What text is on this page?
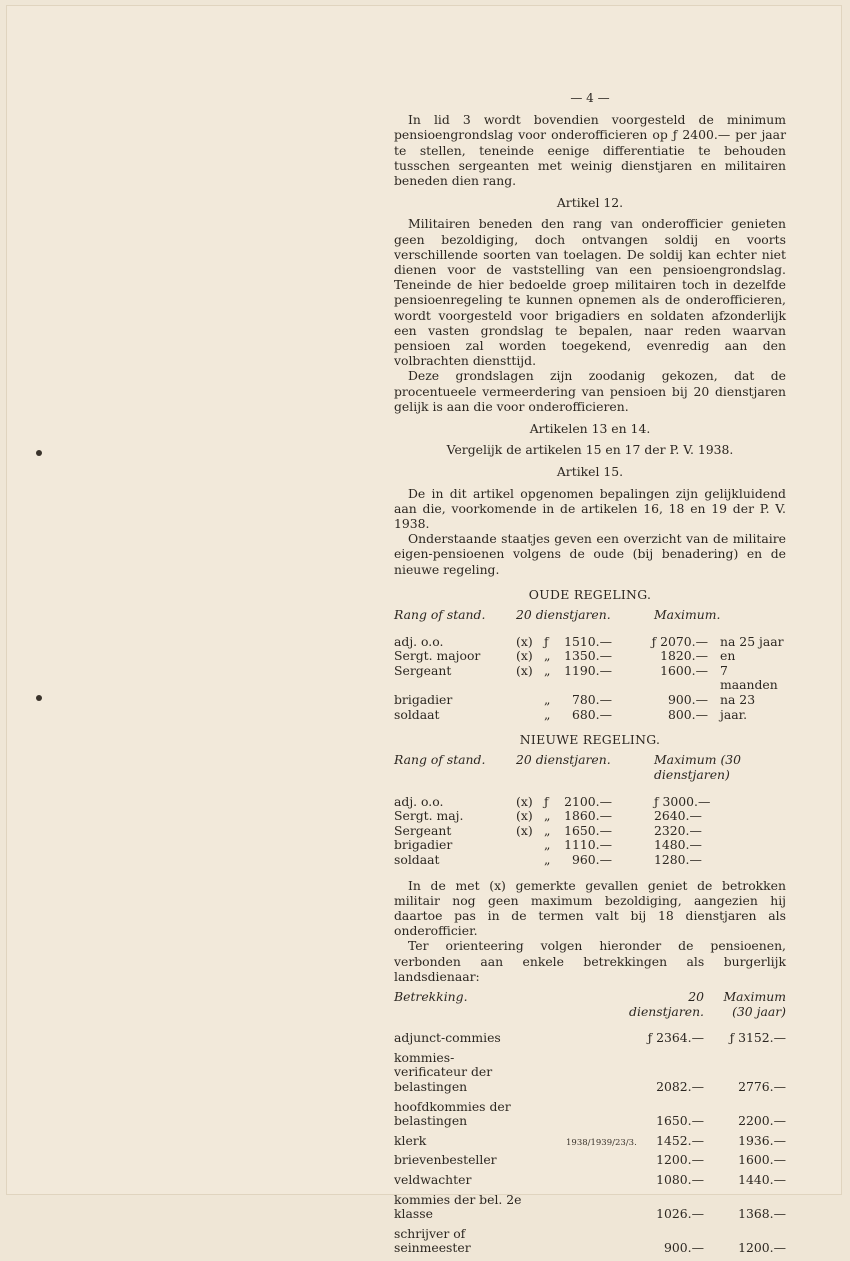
— 4 —

In lid 3 wordt bovendien voorgesteld de minimum pensioengrondslag voor onderofficieren op ƒ 2400.— per jaar te stellen, teneinde eenige differentiatie te behouden tusschen sergeanten met weinig dienstjaren en militairen beneden dien rang.

Artikel 12.

Militairen beneden den rang van onderofficier genieten geen bezoldiging, doch ontvangen soldij en voorts verschillende soorten van toelagen. De soldij kan echter niet dienen voor de vaststelling van een pensioengrondslag. Teneinde de hier bedoelde groep militairen toch in dezelfde pensioenregeling te kunnen opnemen als de onderofficieren, wordt voorgesteld voor brigadiers en soldaten afzonderlijk een vasten grondslag te bepalen, naar reden waarvan pensioen zal worden toegekend, evenredig aan den volbrachten diensttijd.

Deze grondslagen zijn zoodanig gekozen, dat de procentueele vermeerdering van pensioen bij 20 dienstjaren gelijk is aan die voor onderofficieren.

Artikelen 13 en 14.

Vergelijk de artikelen 15 en 17 der P. V. 1938.

Artikel 15.

De in dit artikel opgenomen bepalingen zijn gelijkluidend aan die, voorkomende in de artikelen 16, 18 en 19 der P. V. 1938.

Onderstaande staatjes geven een overzicht van de militaire eigen-pensioenen volgens de oude (bij benadering) en de nieuwe regeling.

OUDE REGELING.
Rang of stand.	20 dienstjaren.			Maximum.	
adj. o.o.	(x)	ƒ	1510.—	ƒ 2070.—	na 25 jaar
Sergt. majoor	(x)	„	1350.—	1820.—	en
Sergeant	(x)	„	1190.—	1600.—	7 maanden
brigadier		„	780.—	900.—	na 23
soldaat		„	680.—	800.—	jaar.
NIEUWE REGELING.
Rang of stand.	20 dienstjaren.			Maximum (30 dienstjaren)	
adj. o.o.	(x)	ƒ	2100.—	ƒ 3000.—	
Sergt. maj.	(x)	„	1860.—	2640.—	
Sergeant	(x)	„	1650.—	2320.—	
brigadier		„	1110.—	1480.—	
soldaat		„	960.—	1280.—	

In de met (x) gemerkte gevallen geniet de betrokken militair nog geen maximum bezoldiging, aangezien hij daartoe pas in de termen valt bij 18 dienstjaren als onderofficier.

Ter orienteering volgen hieronder de pensioenen, verbonden aan enkele betrekkingen als burgerlijk landsdienaar:

Betrekking.	20 dienstjaren.	Maximum (30 jaar)
adjunct-commies	ƒ 2364.—	ƒ 3152.—
kommies-verificateur der belastingen	2082.—	2776.—
hoofdkommies der belastingen	1650.—	2200.—
klerk	1452.—	1936.—
brievenbesteller	1200.—	1600.—
veldwachter	1080.—	1440.—
kommies der bel. 2e klasse	1026.—	1368.—
schrijver of seinmeester	900.—	1200.—
1938/1939/23/3.
